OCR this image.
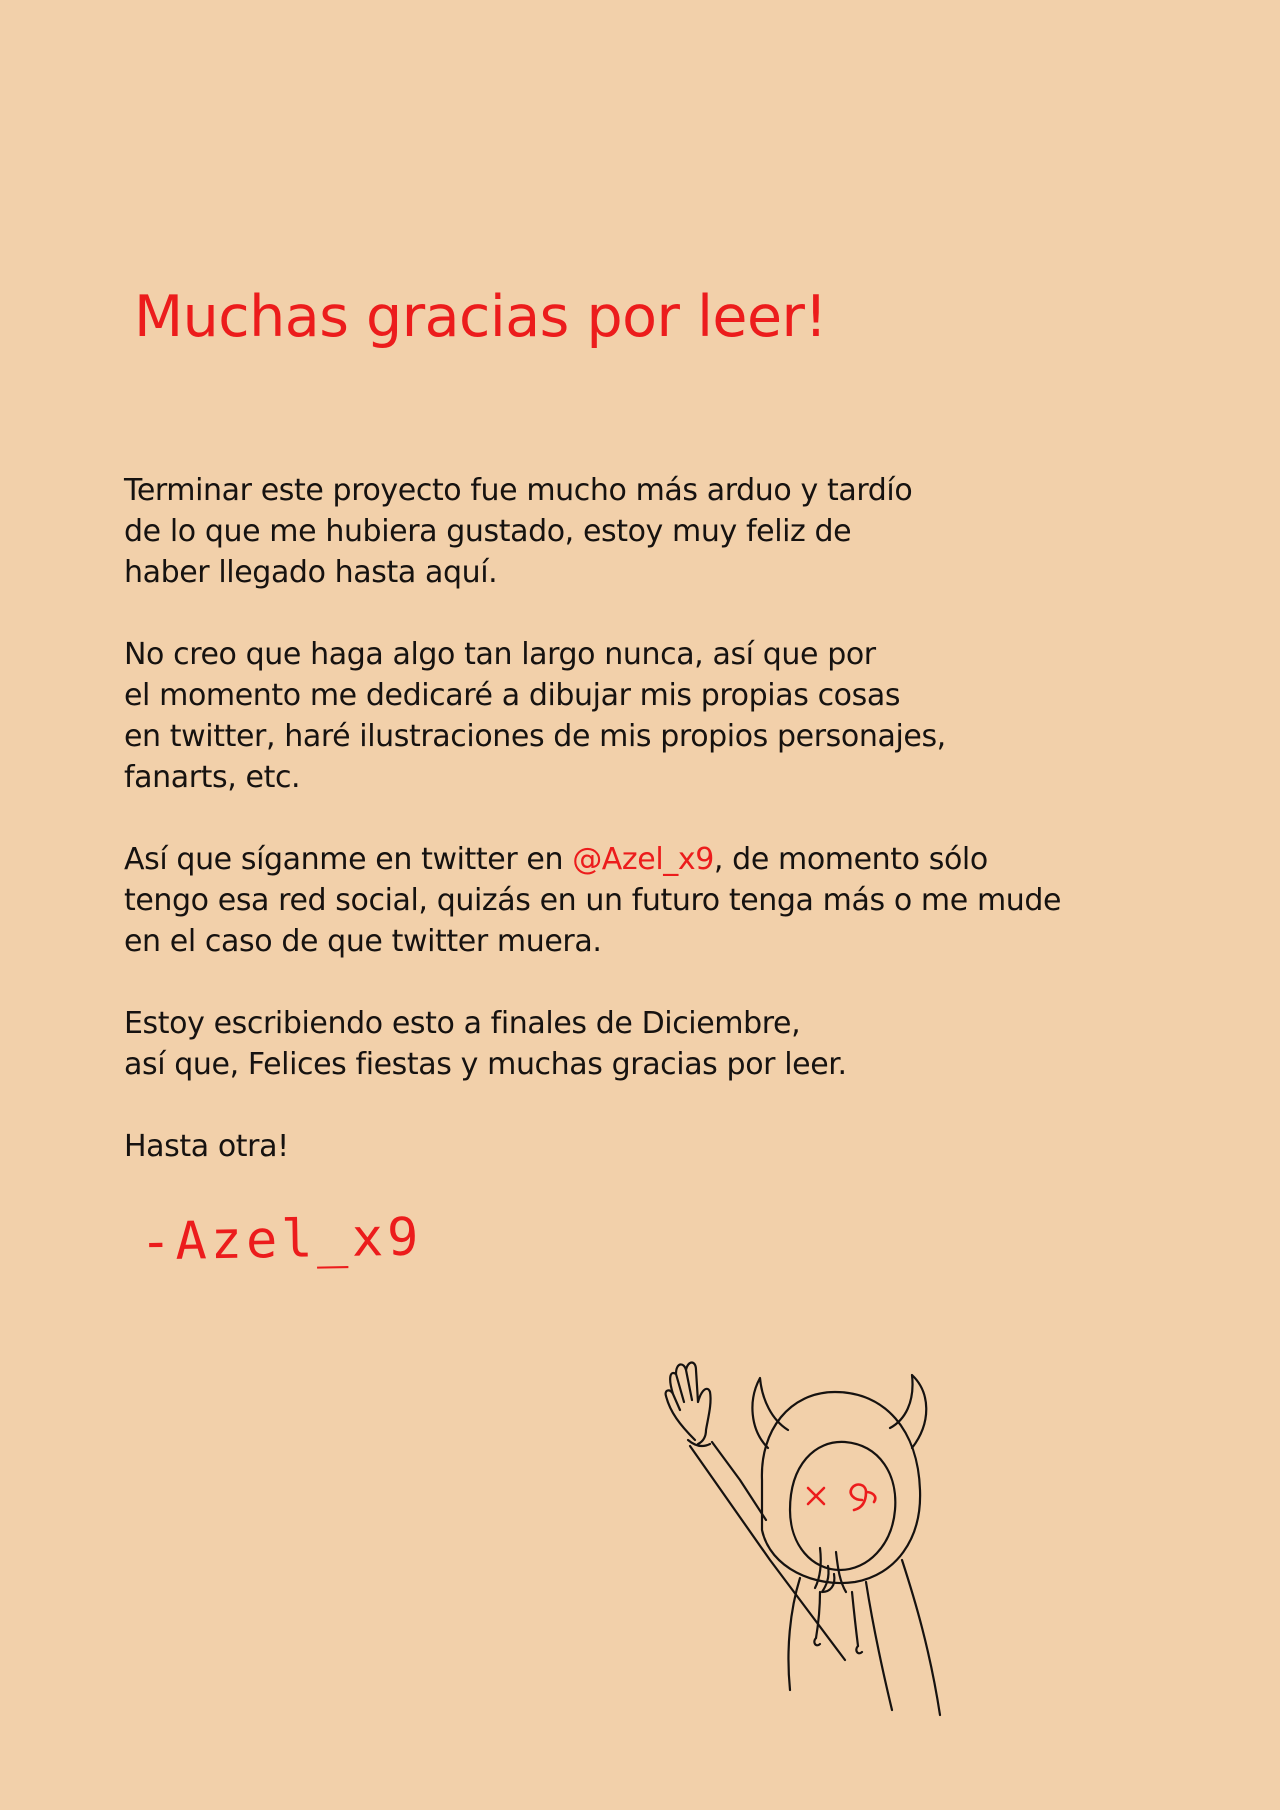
Muchas gracias por leer!

Terminar este proyecto fue mucho más arduo y tardío
de lo que me hubiera gustado, estoy muy feliz de
haber llegado hasta aquí.

No creo que haga algo tan largo nunca, así que por
el momento me dedicaré a dibujar mis propias cosas
en twitter, haré ilustraciones de mis propios personajes,
fanarts, etc.

Así que síganme en twitter en @Azel_x9, de momento sólo
tengo esa red social, quizás en un futuro tenga más o me mude
en el caso de que twitter muera.

Estoy escribiendo esto a finales de Diciembre,
así que, Felices fiestas y muchas gracias por leer.

Hasta otra!

-Azel_x9
